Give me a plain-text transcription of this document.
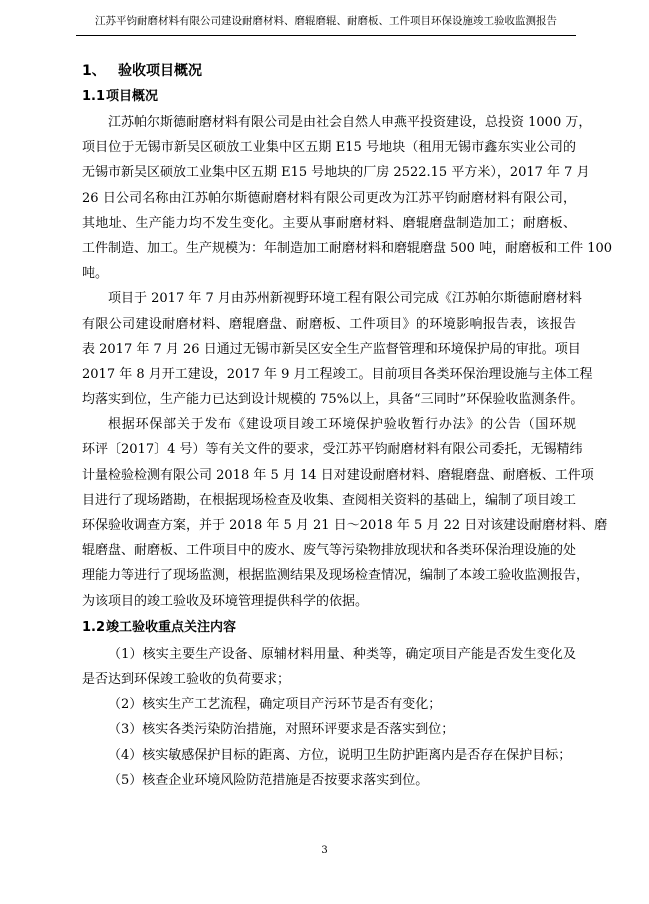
江苏平钧耐磨材料有限公司建设耐磨材料、磨辊磨辊、耐磨板、工件项目环保设施竣工验收监测报告
1、 验收项目概况
1.1项目概况
江苏帕尔斯德耐磨材料有限公司是由社会自然人申燕平投资建设，总投资 1000 万，
项目位于无锡市新吴区硕放工业集中区五期 E15 号地块（租用无锡市鑫东实业公司的
无锡市新吴区硕放工业集中区五期 E15 号地块的厂房 2522.15 平方米），2017 年 7 月
26 日公司名称由江苏帕尔斯德耐磨材料有限公司更改为江苏平钧耐磨材料有限公司，
其地址、生产能力均不发生变化。主要从事耐磨材料、磨辊磨盘制造加工；耐磨板、
工件制造、加工。生产规模为：年制造加工耐磨材料和磨辊磨盘 500 吨，耐磨板和工件 100
吨。
项目于 2017 年 7 月由苏州新视野环境工程有限公司完成《江苏帕尔斯德耐磨材料
有限公司建设耐磨材料、磨辊磨盘、耐磨板、工件项目》的环境影响报告表，该报告
表 2017 年 7 月 26 日通过无锡市新吴区安全生产监督管理和环境保护局的审批。项目
2017 年 8 月开工建设，2017 年 9 月工程竣工。目前项目各类环保治理设施与主体工程
均落实到位，生产能力已达到设计规模的 75%以上，具备“三同时”环保验收监测条件。
根据环保部关于发布《建设项目竣工环境保护验收暂行办法》的公告（国环规
环评〔2017〕4 号）等有关文件的要求，受江苏平钧耐磨材料有限公司委托，无锡精纬
计量检验检测有限公司 2018 年 5 月 14 日对建设耐磨材料、磨辊磨盘、耐磨板、工件项
目进行了现场踏勘，在根据现场检查及收集、查阅相关资料的基础上，编制了项目竣工
环保验收调查方案，并于 2018 年 5 月 21 日～2018 年 5 月 22 日对该建设耐磨材料、磨
辊磨盘、耐磨板、工件项目中的废水、废气等污染物排放现状和各类环保治理设施的处
理能力等进行了现场监测，根据监测结果及现场检查情况，编制了本竣工验收监测报告，
为该项目的竣工验收及环境管理提供科学的依据。
1.2竣工验收重点关注内容
（1）核实主要生产设备、原辅材料用量、种类等，确定项目产能是否发生变化及
是否达到环保竣工验收的负荷要求；
（2）核实生产工艺流程，确定项目产污环节是否有变化；
（3）核实各类污染防治措施，对照环评要求是否落实到位；
（4）核实敏感保护目标的距离、方位，说明卫生防护距离内是否存在保护目标；
（5）核查企业环境风险防范措施是否按要求落实到位。
3
